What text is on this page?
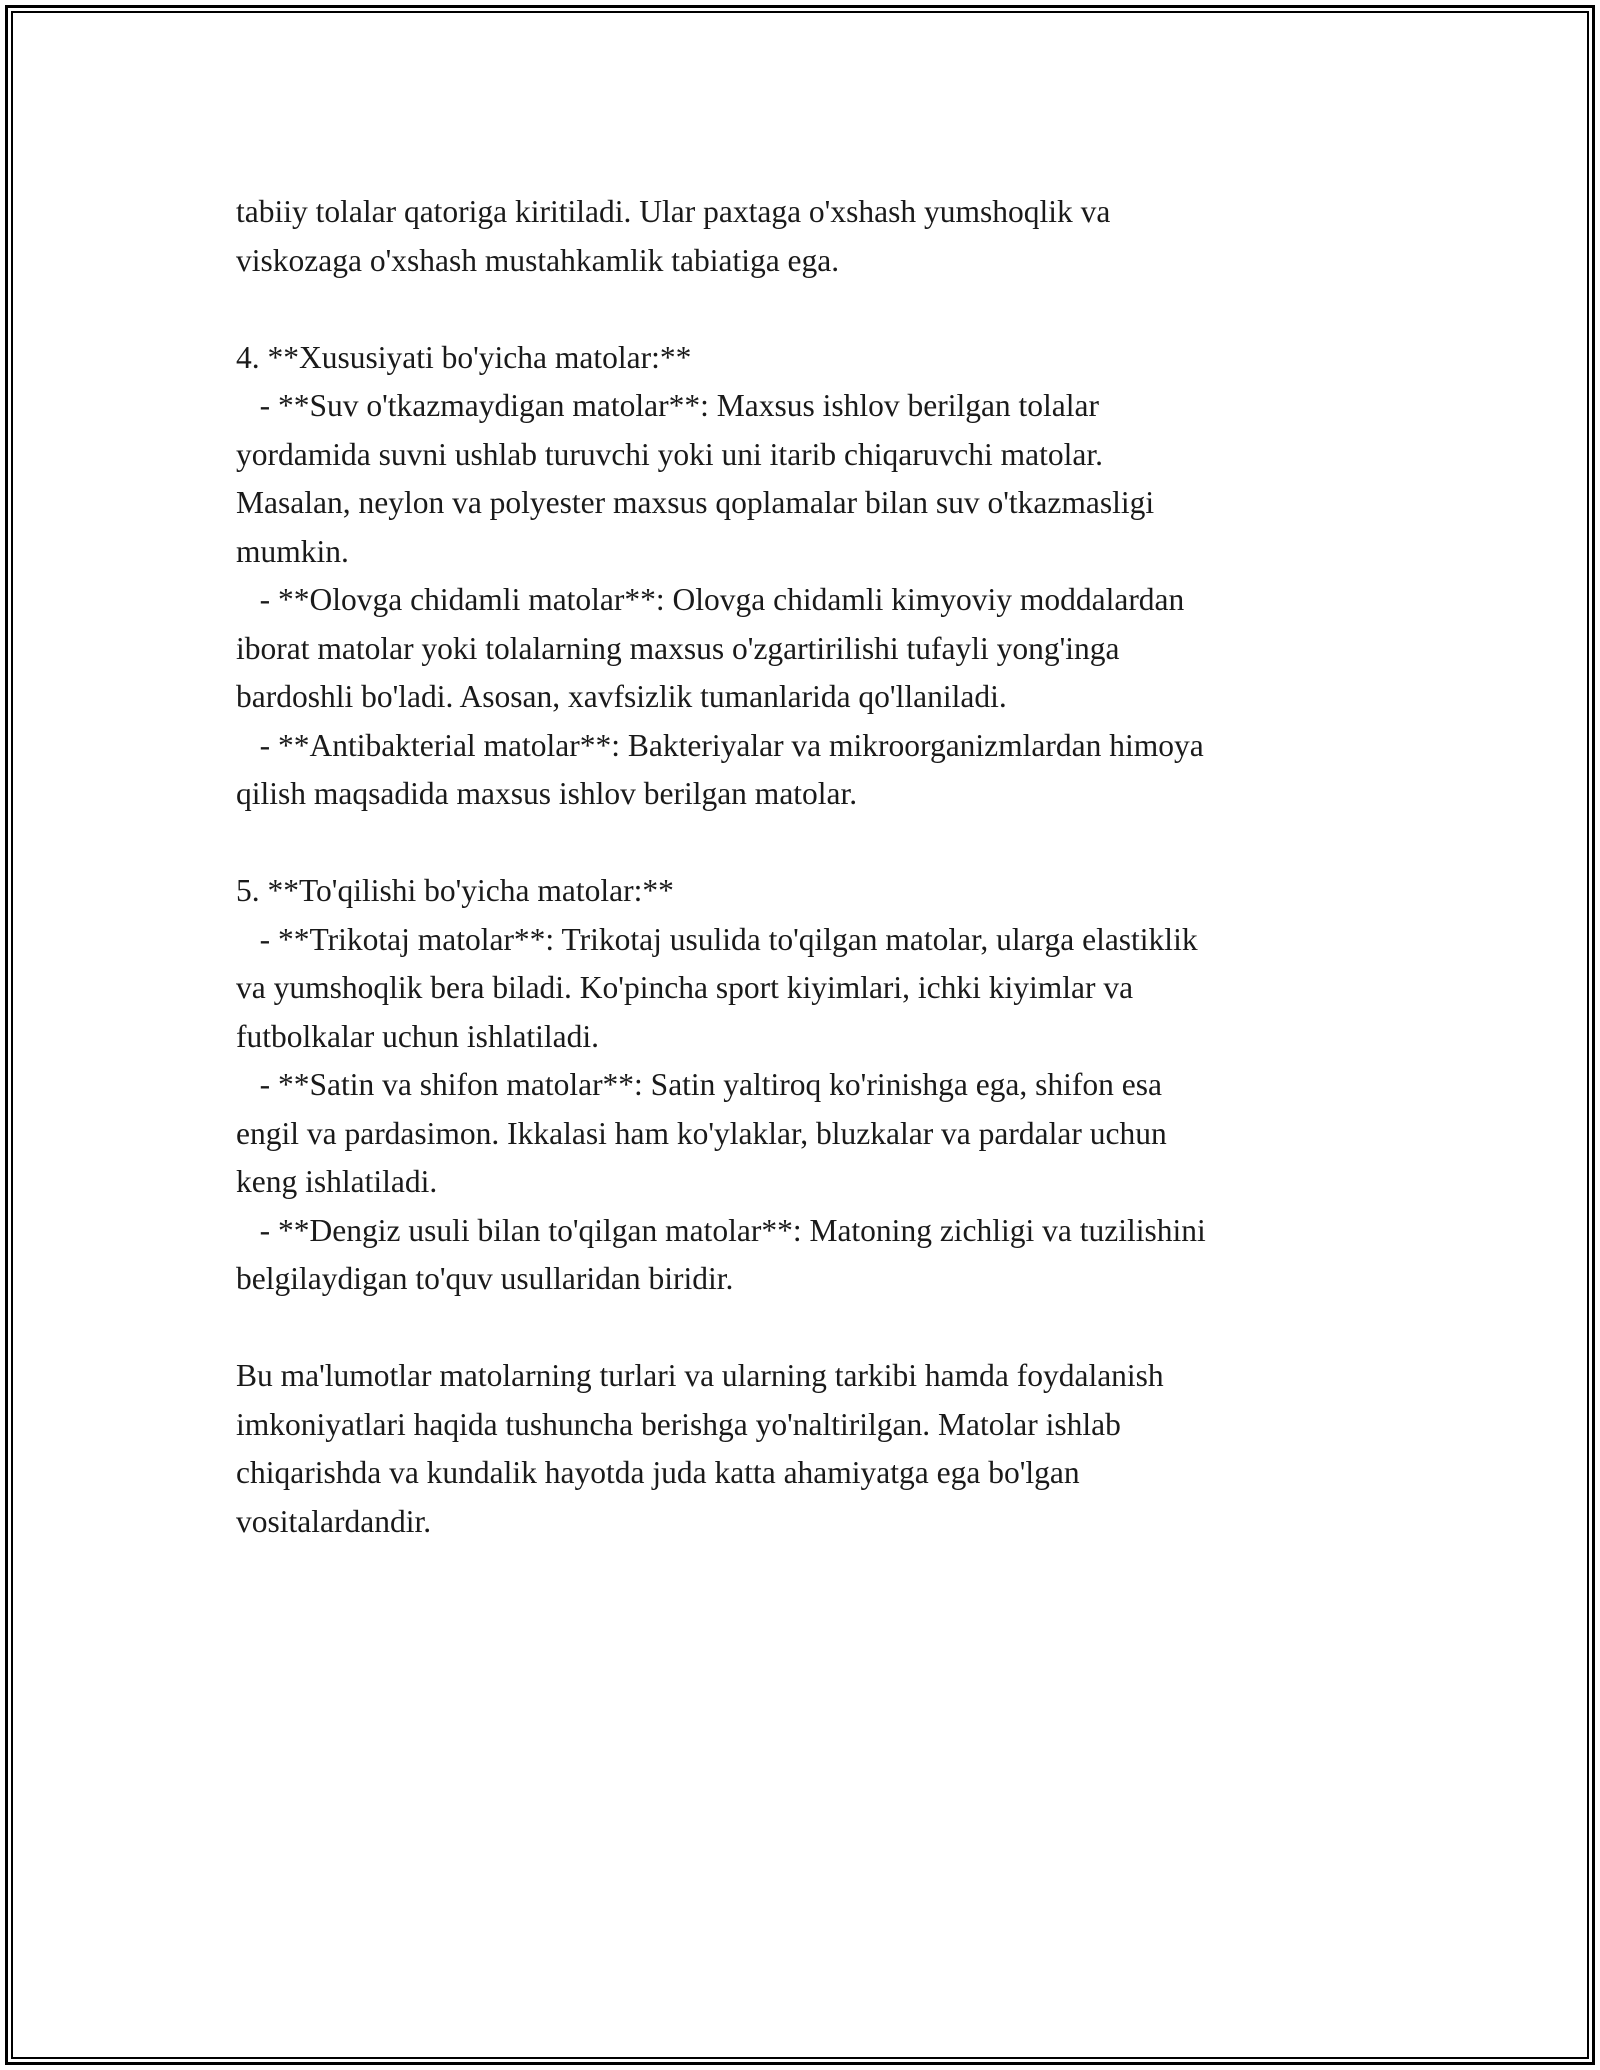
tabiiy tolalar qatoriga kiritiladi. Ular paxtaga o'xshash yumshoqlik va

viskozaga o'xshash mustahkamlik tabiatiga ega.

4. **Xususiyati bo'yicha matolar:**

- **Suv o'tkazmaydigan matolar**: Maxsus ishlov berilgan tolalar

yordamida suvni ushlab turuvchi yoki uni itarib chiqaruvchi matolar.

Masalan, neylon va polyester maxsus qoplamalar bilan suv o'tkazmasligi

mumkin.

- **Olovga chidamli matolar**: Olovga chidamli kimyoviy moddalardan

iborat matolar yoki tolalarning maxsus o'zgartirilishi tufayli yong'inga

bardoshli bo'ladi. Asosan, xavfsizlik tumanlarida qo'llaniladi.

- **Antibakterial matolar**: Bakteriyalar va mikroorganizmlardan himoya

qilish maqsadida maxsus ishlov berilgan matolar.

5. **To'qilishi bo'yicha matolar:**

- **Trikotaj matolar**: Trikotaj usulida to'qilgan matolar, ularga elastiklik

va yumshoqlik bera biladi. Ko'pincha sport kiyimlari, ichki kiyimlar va

futbolkalar uchun ishlatiladi.

- **Satin va shifon matolar**: Satin yaltiroq ko'rinishga ega, shifon esa

engil va pardasimon. Ikkalasi ham ko'ylaklar, bluzkalar va pardalar uchun

keng ishlatiladi.

- **Dengiz usuli bilan to'qilgan matolar**: Matoning zichligi va tuzilishini

belgilaydigan to'quv usullaridan biridir.

Bu ma'lumotlar matolarning turlari va ularning tarkibi hamda foydalanish

imkoniyatlari haqida tushuncha berishga yo'naltirilgan. Matolar ishlab

chiqarishda va kundalik hayotda juda katta ahamiyatga ega bo'lgan

vositalardandir.
